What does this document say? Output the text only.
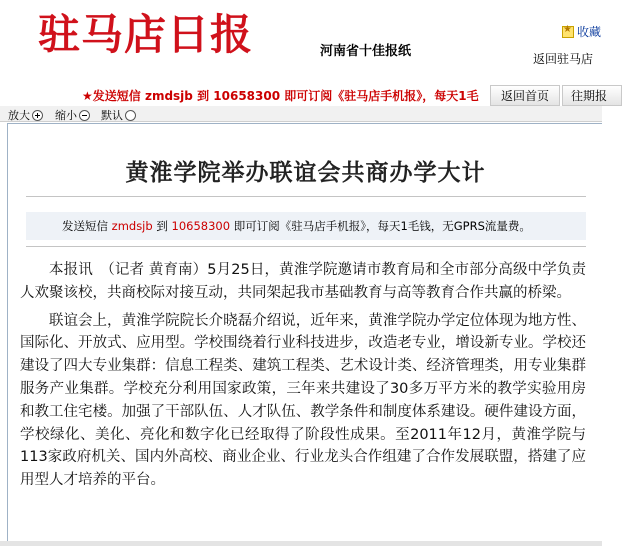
驻马店日报	河南省十佳报纸
★收藏
返回驻马店
★发送短信 zmdsjb 到 10658300 即可订阅《驻马店手机报》，每天1毛	返回首页	往期报
放大 缩小 默认
黄淮学院举办联谊会共商办学大计
发送短信 zmdsjb 到 10658300 即可订阅《驻马店手机报》，每天1毛钱，无GPRS流量费。

本报讯　（记者 黄育南）5月25日，黄淮学院邀请市教育局和全市部分高级中学负责人欢聚该校，共商校际对接互动，共同架起我市基础教育与高等教育合作共赢的桥梁。

联谊会上，黄淮学院院长介晓磊介绍说，近年来，黄淮学院办学定位体现为地方性、国际化、开放式、应用型。学校围绕着行业科技进步，改造老专业，增设新专业。学校还建设了四大专业集群：信息工程类、建筑工程类、艺术设计类、经济管理类，用专业集群服务产业集群。学校充分利用国家政策，三年来共建设了30多万平方米的教学实验用房和教工住宅楼。加强了干部队伍、人才队伍、教学条件和制度体系建设。硬件建设方面，学校绿化、美化、亮化和数字化已经取得了阶段性成果。至2011年12月，黄淮学院与113家政府机关、国内外高校、商业企业、行业龙头合作组建了合作发展联盟，搭建了应用型人才培养的平台。
